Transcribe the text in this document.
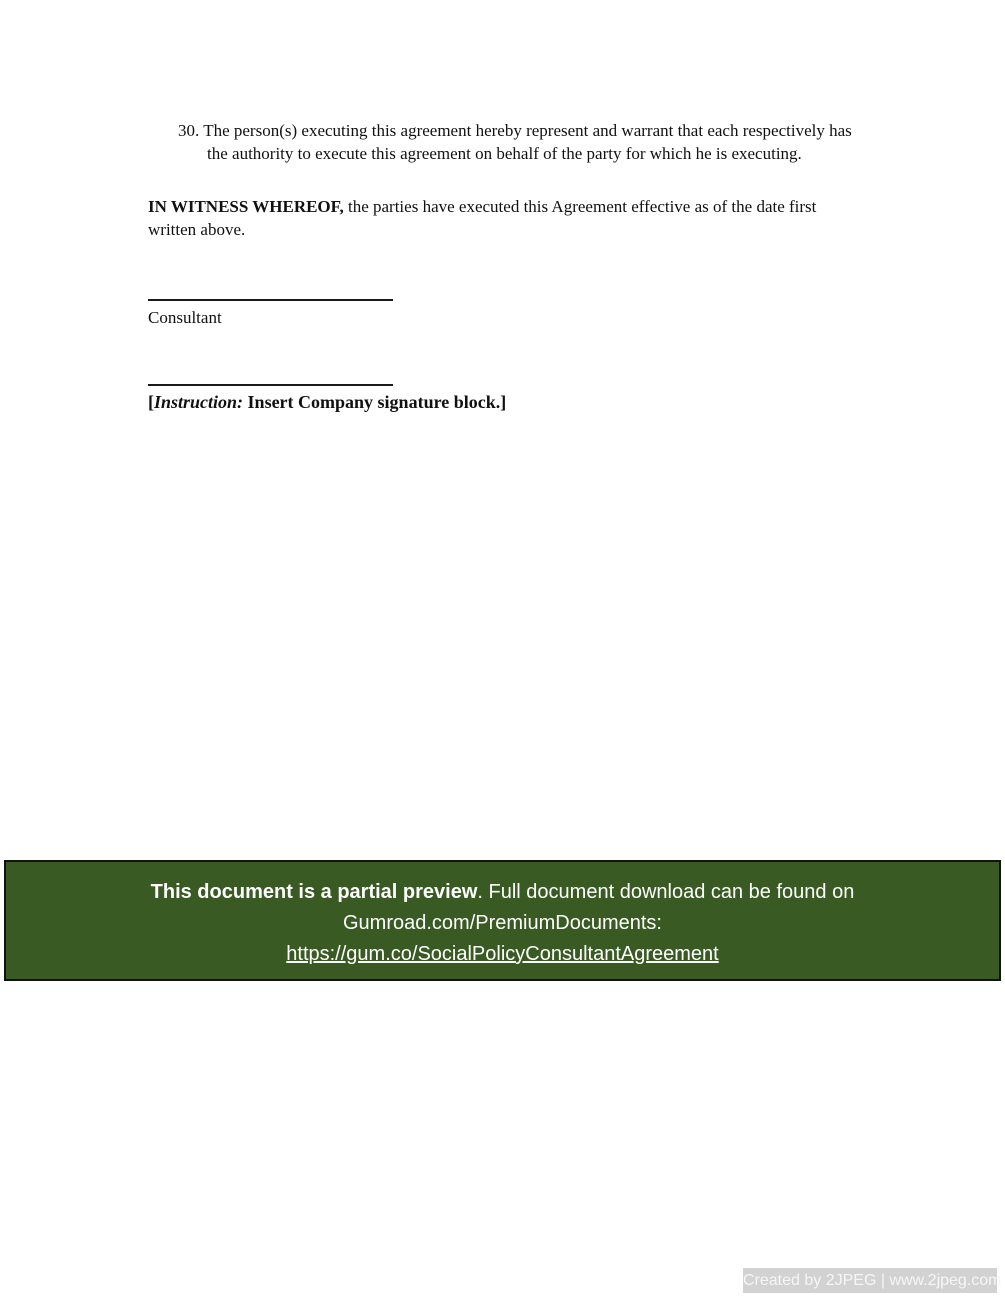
30. The person(s) executing this agreement hereby represent and warrant that each respectively has the authority to execute this agreement on behalf of the party for which he is executing.

IN WITNESS WHEREOF, the parties have executed this Agreement effective as of the date first written above.

Consultant
[Instruction: Insert Company signature block.]
This document is a partial preview. Full document download can be found on
Gumroad.com/PremiumDocuments:
https://gum.co/SocialPolicyConsultantAgreement
Created by 2JPEG | www.2jpeg.com
